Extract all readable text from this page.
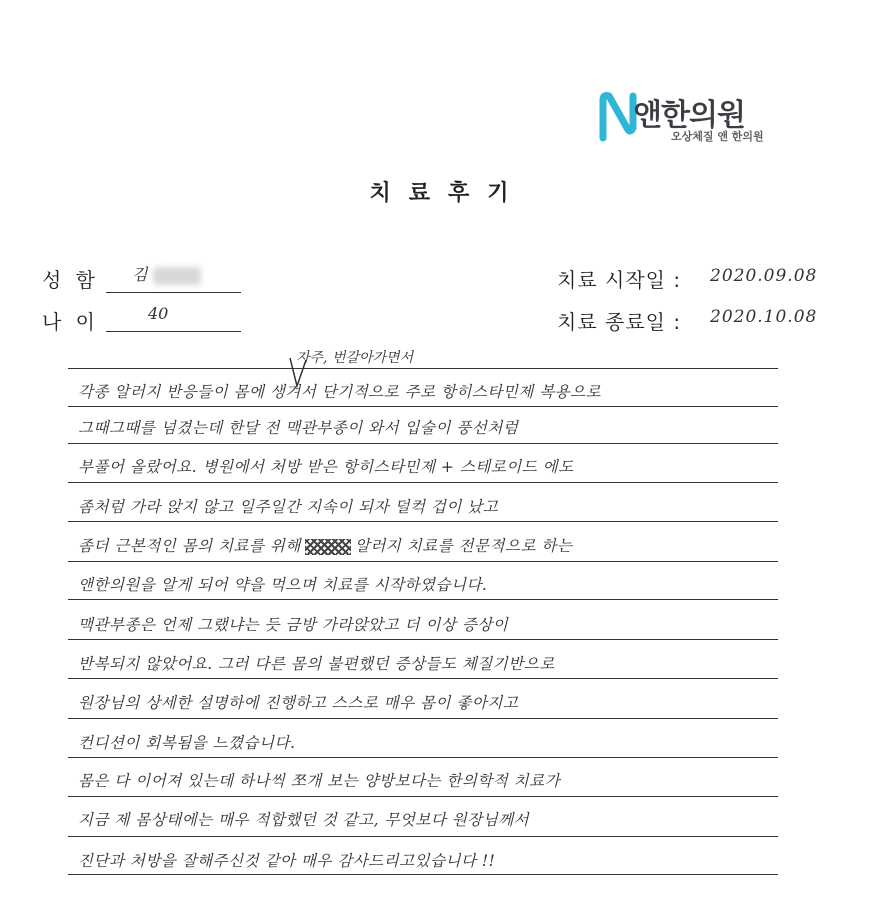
앤한의원
오상체질 앤 한의원
치료후기
성 함 김
나 이	40
치료 시작일 : 2020.09.08
치료 종료일 : 2020.10.08
자주, 번갈아가면서
각종 알러지 반응들이 몸에 생겨서 단기적으로 주로 항히스타민제 복용으로
그때그때를 넘겼는데 한달 전 맥관부종이 와서 입술이 풍선처럼
부풀어 올랐어요. 병원에서 처방 받은 항히스타민제 + 스테로이드 에도
좀처럼 가라 앉지 않고 일주일간 지속이 되자 덜컥 겁이 났고
좀더 근본적인 몸의 치료를 위해	알러지 치료를 전문적으로 하는
앤한의원을 알게 되어 약을 먹으며 치료를 시작하였습니다.
맥관부종은 언제 그랬냐는 듯 금방 가라앉았고 더 이상 증상이
반복되지 않았어요. 그러 다른 몸의 불편했던 증상들도 체질기반으로
원장님의 상세한 설명하에 진행하고 스스로 매우 몸이 좋아지고
컨디션이 회복됨을 느꼈습니다.
몸은 다 이어져 있는데 하나씩 쪼개 보는 양방보다는 한의학적 치료가
지금 제 몸상태에는 매우 적합했던 것 같고, 무엇보다 원장님께서
진단과 처방을 잘해주신것 같아 매우 감사드리고있습니다 !!
